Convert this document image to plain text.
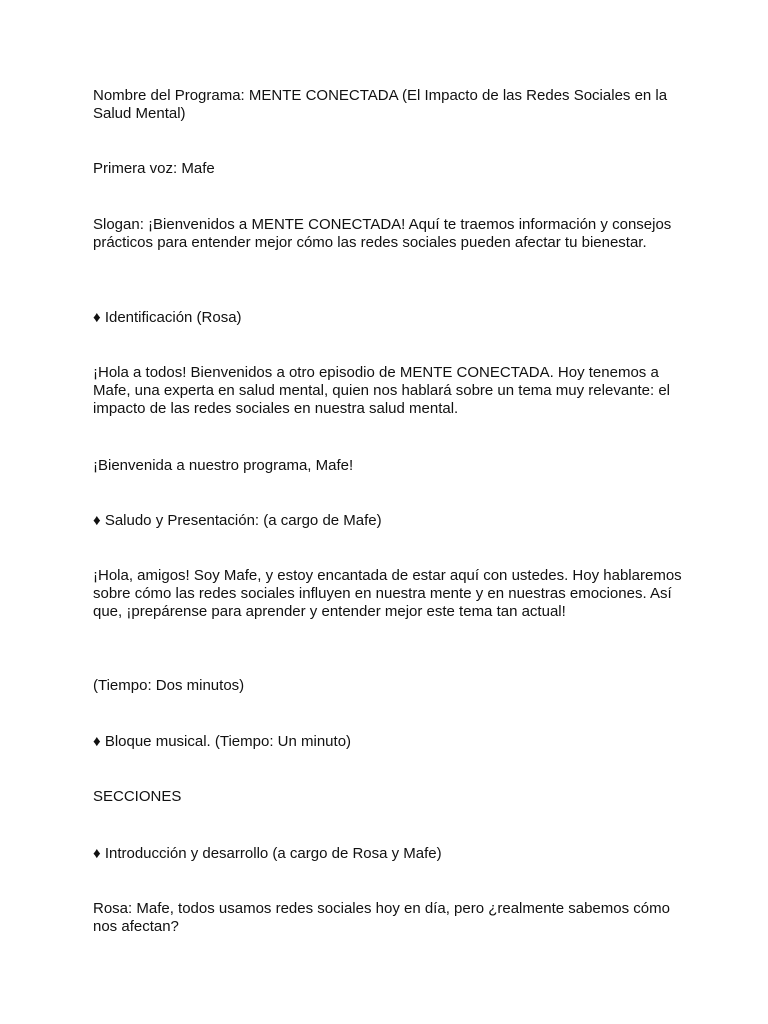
Nombre del Programa: MENTE CONECTADA (El Impacto de las Redes Sociales en la Salud Mental)

Primera voz: Mafe

Slogan: ¡Bienvenidos a MENTE CONECTADA! Aquí te traemos información y consejos prácticos para entender mejor cómo las redes sociales pueden afectar tu bienestar.

♦ Identificación (Rosa)

¡Hola a todos! Bienvenidos a otro episodio de MENTE CONECTADA. Hoy tenemos a Mafe, una experta en salud mental, quien nos hablará sobre un tema muy relevante: el impacto de las redes sociales en nuestra salud mental.

¡Bienvenida a nuestro programa, Mafe!

♦ Saludo y Presentación: (a cargo de Mafe)

¡Hola, amigos! Soy Mafe, y estoy encantada de estar aquí con ustedes. Hoy hablaremos sobre cómo las redes sociales influyen en nuestra mente y en nuestras emociones. Así que, ¡prepárense para aprender y entender mejor este tema tan actual!

(Tiempo: Dos minutos)

♦ Bloque musical. (Tiempo: Un minuto)

SECCIONES

♦ Introducción y desarrollo (a cargo de Rosa y Mafe)

Rosa: Mafe, todos usamos redes sociales hoy en día, pero ¿realmente sabemos cómo nos afectan?
